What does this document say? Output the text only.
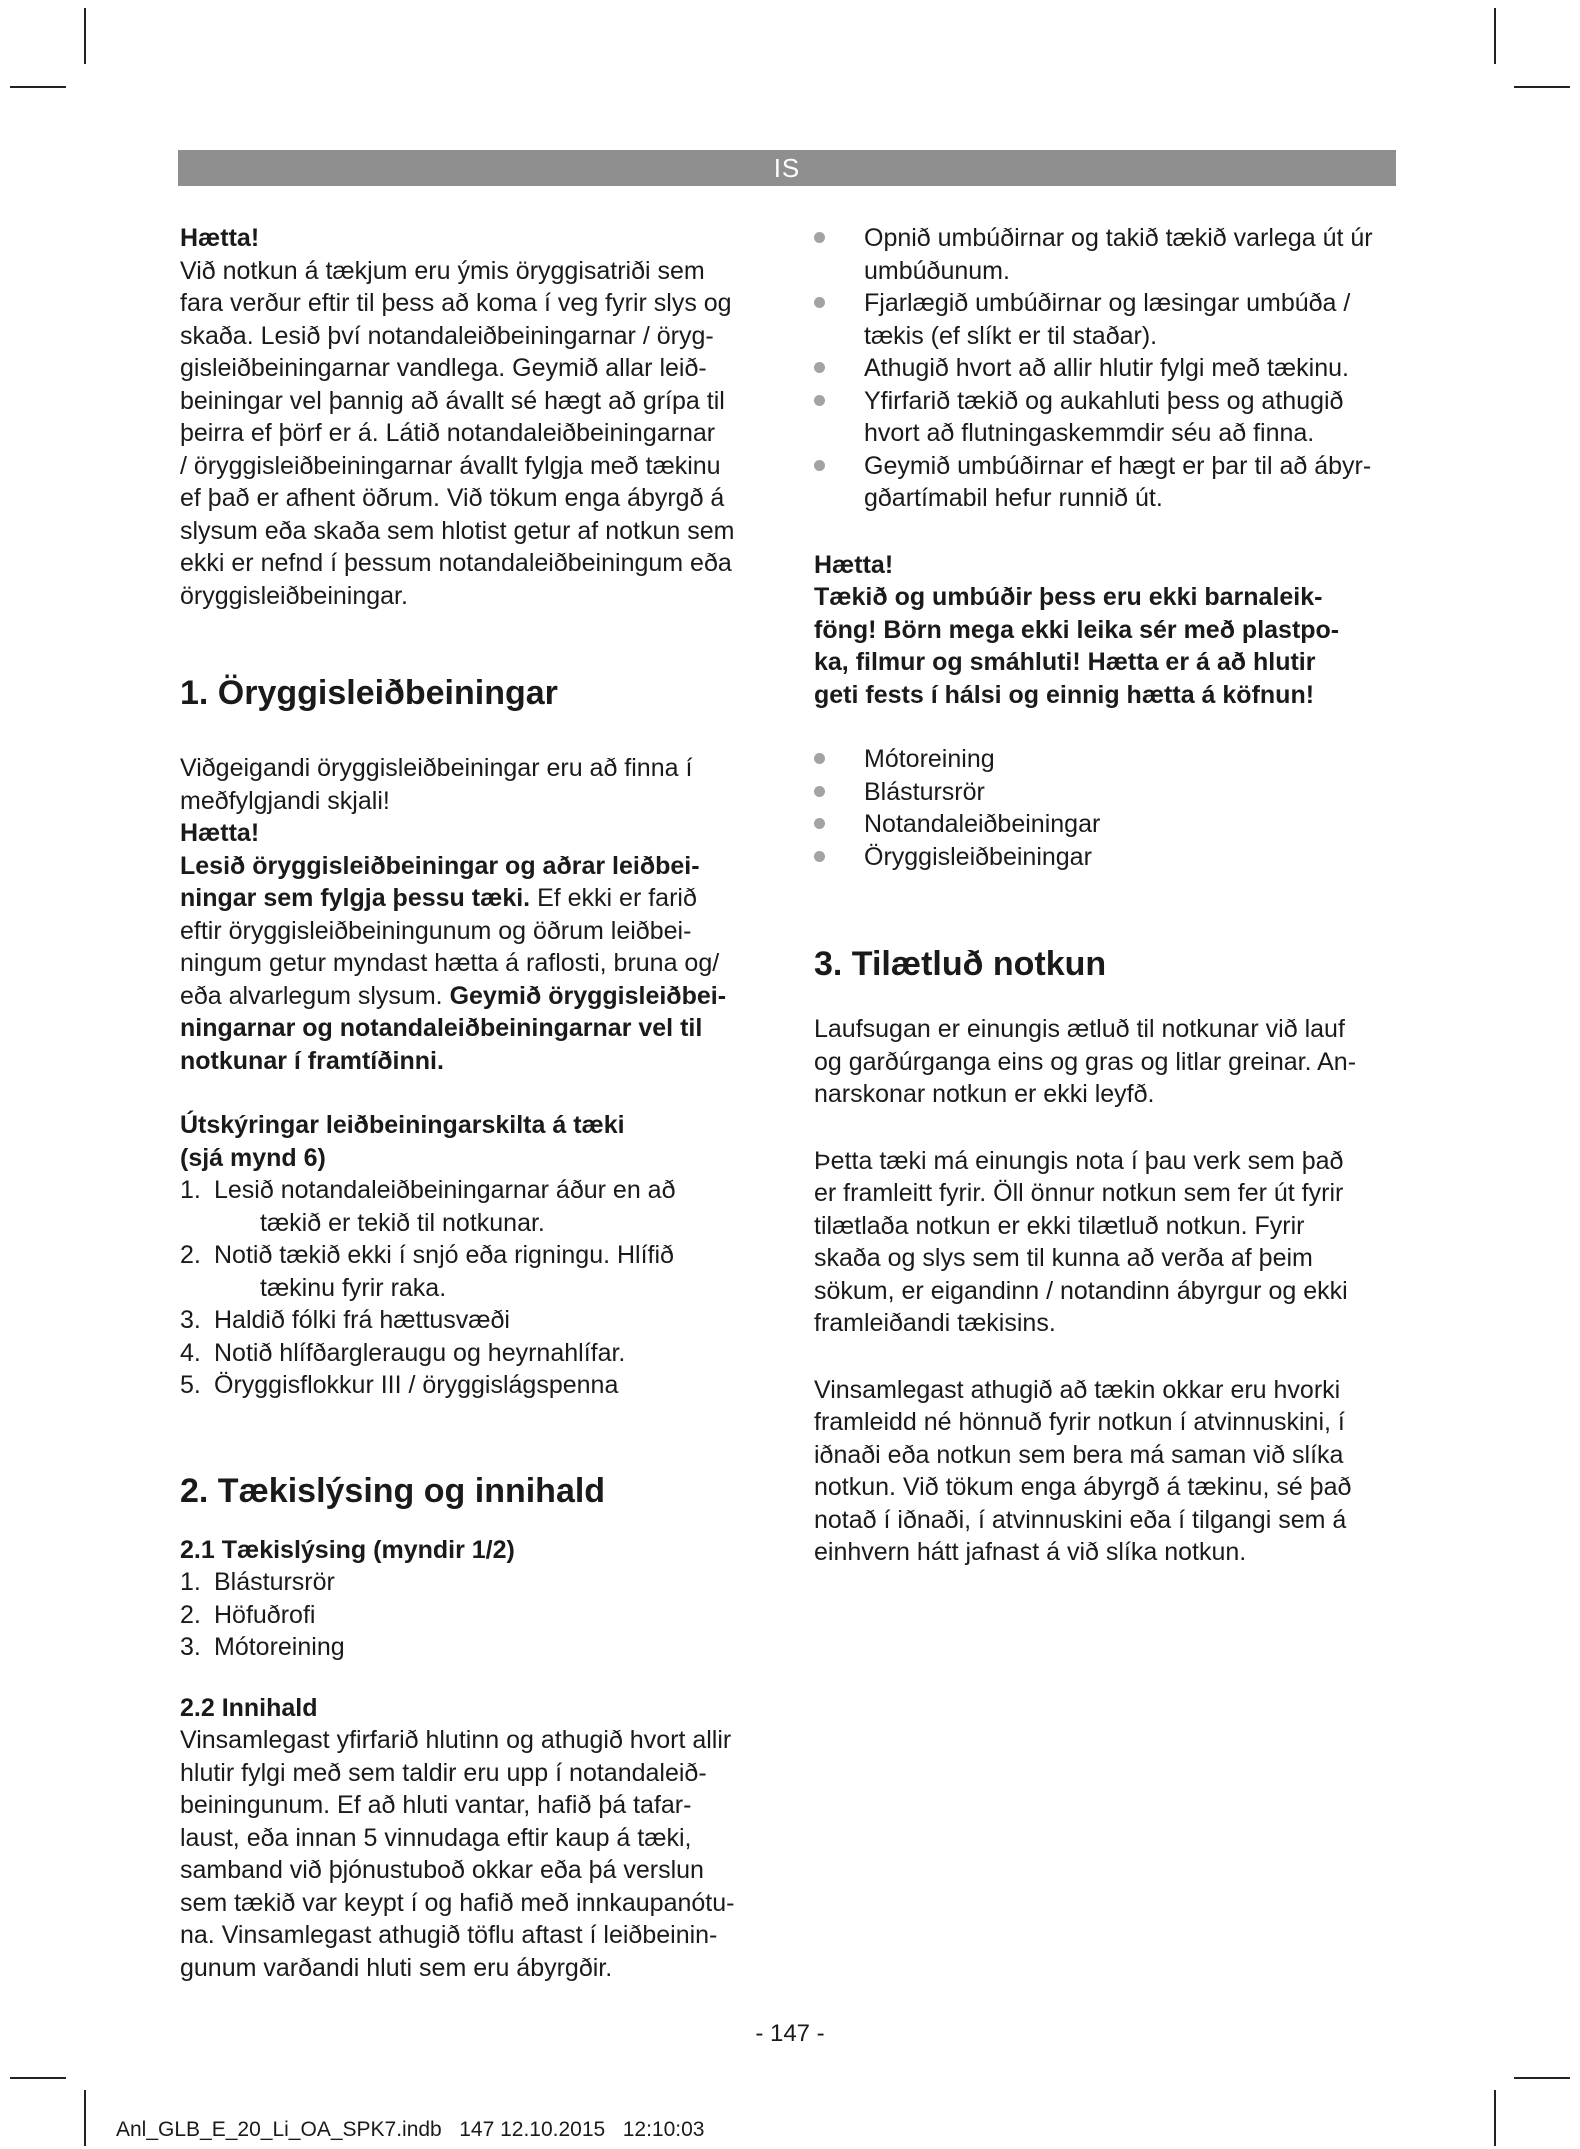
IS

Hætta!

Við notkun á tækjum eru ýmis öryggisatriði sem
fara verður eftir til þess að koma í veg fyrir slys og
skaða. Lesið því notandaleiðbeiningarnar / öryg-
gisleiðbeiningarnar vandlega. Geymið allar leið-
beiningar vel þannig að ávallt sé hægt að grípa til
þeirra ef þörf er á. Látið notandaleiðbeiningarnar
/ öryggisleiðbeiningarnar ávallt fylgja með tækinu
ef það er afhent öðrum. Við tökum enga ábyrgð á
slysum eða skaða sem hlotist getur af notkun sem
ekki er nefnd í þessum notandaleiðbeiningum eða
öryggisleiðbeiningar.
1. Öryggisleiðbeiningar
Viðgeigandi öryggisleiðbeiningar eru að finna í
meðfylgjandi skjali!
Hætta!
Lesið öryggisleiðbeiningar og aðrar leiðbei-
ningar sem fylgja þessu tæki. Ef ekki er farið
eftir öryggisleiðbeiningunum og öðrum leiðbei-
ningum getur myndast hætta á raflosti, bruna og/
eða alvarlegum slysum. Geymið öryggisleiðbei-
ningarnar og notandaleiðbeiningarnar vel til
notkunar í framtíðinni.
Útskýringar leiðbeiningarskilta á tæki
(sjá mynd 6)
1. Lesið notandaleiðbeiningarnar áður en að
tækið er tekið til notkunar.
2. Notið tækið ekki í snjó eða rigningu. Hlífið
tækinu fyrir raka.
3. Haldið fólki frá hættusvæði
4. Notið hlífðargleraugu og heyrnahlífar.
5. Öryggisflokkur III / öryggislágspenna
2. Tækislýsing og innihald
2.1 Tækislýsing (myndir 1/2)
1. Blástursrör
2. Höfuðrofi
3. Mótoreining
2.2 Innihald
Vinsamlegast yfirfarið hlutinn og athugið hvort allir
hlutir fylgi með sem taldir eru upp í notandaleið-
beiningunum. Ef að hluti vantar, hafið þá tafar-
laust, eða innan 5 vinnudaga eftir kaup á tæki,
samband við þjónustuboð okkar eða þá verslun
sem tækið var keypt í og hafið með innkaupanótu-
na. Vinsamlegast athugið töflu aftast í leiðbeinin-
gunum varðandi hluti sem eru ábyrgðir.
Opnið umbúðirnar og takið tækið varlega út úr
umbúðunum.
Fjarlægið umbúðirnar og læsingar umbúða /
tækis (ef slíkt er til staðar).
Athugið hvort að allir hlutir fylgi með tækinu.
Yfirfarið tækið og aukahluti þess og athugið
hvort að flutningaskemmdir séu að finna.
Geymið umbúðirnar ef hægt er þar til að ábyr-
gðartímabil hefur runnið út.
Hætta!
Tækið og umbúðir þess eru ekki barnaleik-
föng! Börn mega ekki leika sér með plastpo-
ka, filmur og smáhluti! Hætta er á að hlutir
geti fests í hálsi og einnig hætta á köfnun!
Mótoreining
Blástursrör
Notandaleiðbeiningar
Öryggisleiðbeiningar
3. Tilætluð notkun
Laufsugan er einungis ætluð til notkunar við lauf
og garðúrganga eins og gras og litlar greinar. An-
narskonar notkun er ekki leyfð.
Þetta tæki má einungis nota í þau verk sem það
er framleitt fyrir. Öll önnur notkun sem fer út fyrir
tilætlaða notkun er ekki tilætluð notkun. Fyrir
skaða og slys sem til kunna að verða af þeim
sökum, er eigandinn / notandinn ábyrgur og ekki
framleiðandi tækisins.
Vinsamlegast athugið að tækin okkar eru hvorki
framleidd né hönnuð fyrir notkun í atvinnuskini, í
iðnaði eða notkun sem bera má saman við slíka
notkun. Við tökum enga ábyrgð á tækinu, sé það
notað í iðnaði, í atvinnuskini eða í tilgangi sem á
einhvern hátt jafnast á við slíka notkun.
- 147 -
Anl_GLB_E_20_Li_OA_SPK7.indb   147 12.10.2015   12:10:03
